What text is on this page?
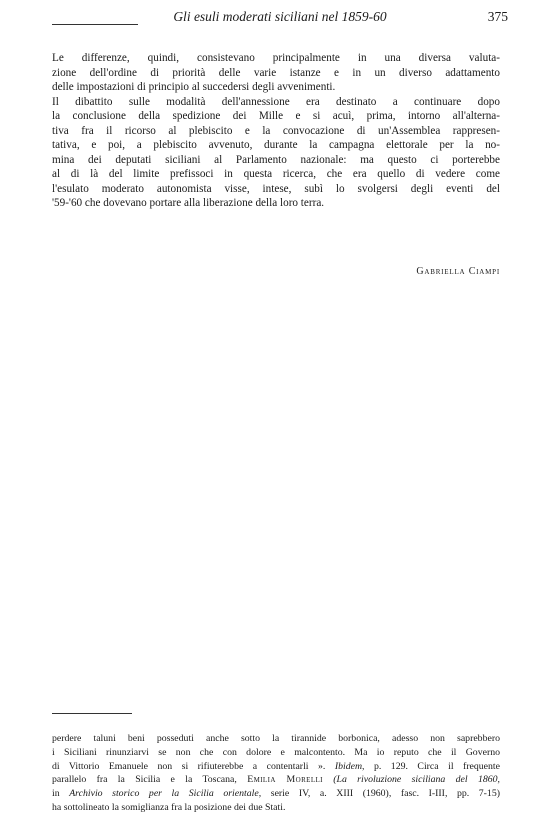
Gli esuli moderati siciliani nel 1859-60	375

Le differenze, quindi, consistevano principalmente in una diversa valuta-
zione dell'ordine di priorità delle varie istanze e in un diverso adattamento
delle impostazioni di principio al succedersi degli avvenimenti.

Il dibattito sulle modalità dell'annessione era destinato a continuare dopo
la conclusione della spedizione dei Mille e si acuì, prima, intorno all'alterna-
tiva fra il ricorso al plebiscito e la convocazione di un'Assemblea rappresen-
tativa, e poi, a plebiscito avvenuto, durante la campagna elettorale per la no-
mina dei deputati siciliani al Parlamento nazionale: ma questo ci porterebbe
al di là del limite prefissoci in questa ricerca, che era quello di vedere come
l'esulato moderato autonomista visse, intese, subì lo svolgersi degli eventi del
'59-'60 che dovevano portare alla liberazione della loro terra.

Gabriella Ciampi

perdere taluni beni posseduti anche sotto la tirannide borbonica, adesso non saprebbero
i Siciliani rinunziarvi se non che con dolore e malcontento. Ma io reputo che il Governo
di Vittorio Emanuele non si rifiuterebbe a contentarli ». Ibidem, p. 129. Circa il frequente
parallelo fra la Sicilia e la Toscana, Emilia Morelli (La rivoluzione siciliana del 1860,
in Archivio storico per la Sicilia orientale, serie IV, a. XIII (1960), fasc. I-III, pp. 7-15)
ha sottolineato la somiglianza fra la posizione dei due Stati.
